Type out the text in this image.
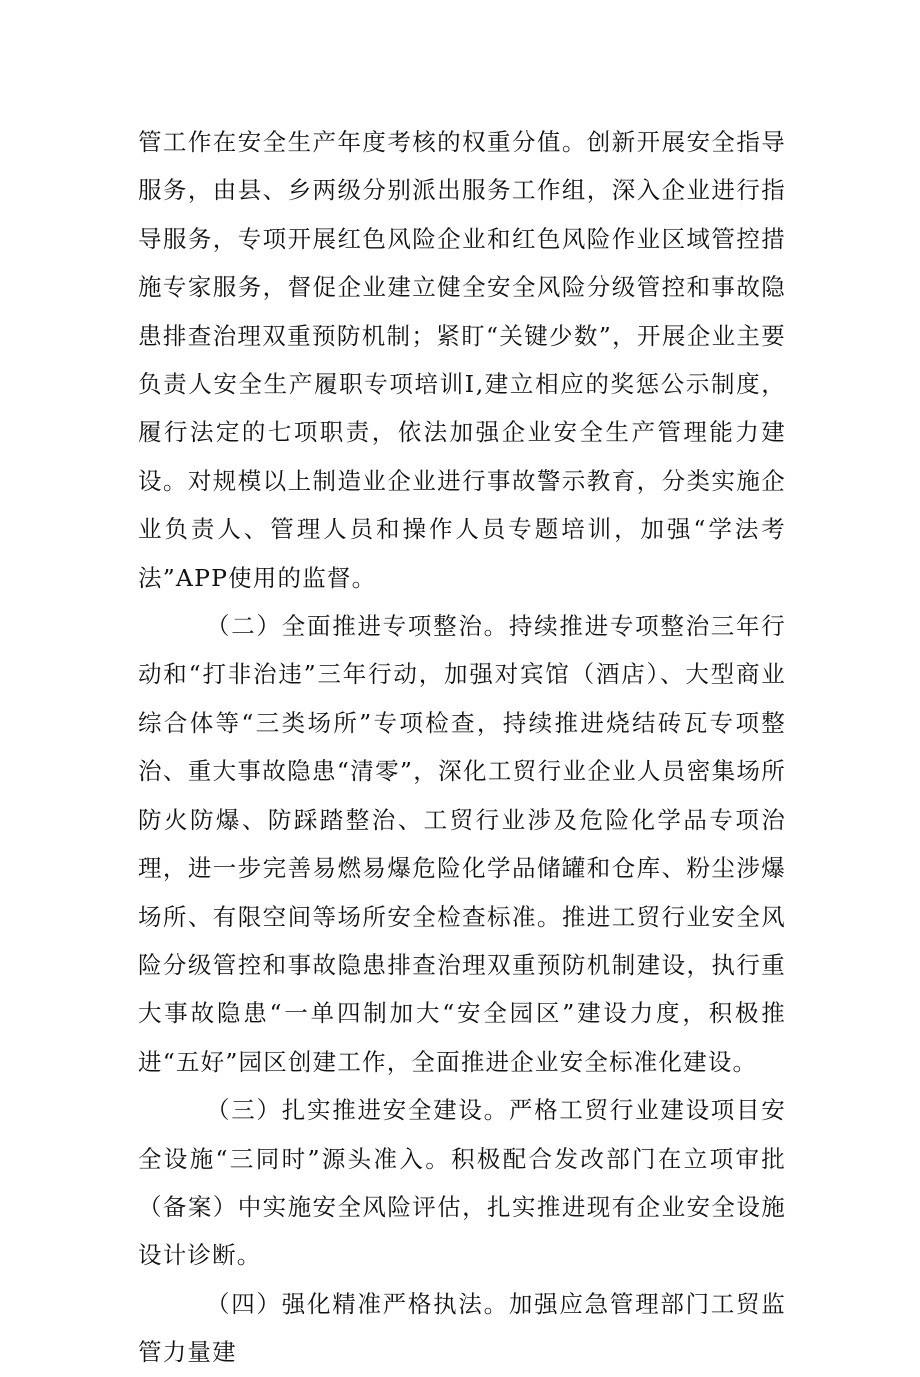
管工作在安全生产年度考核的权重分值。创新开展安全指导服务，由县、乡两级分别派出服务工作组，深入企业进行指导服务，专项开展红色风险企业和红色风险作业区域管控措施专家服务，督促企业建立健全安全风险分级管控和事故隐患排查治理双重预防机制；紧盯“关键少数”，开展企业主要负责人安全生产履职专项培训Ⅰ,建立相应的奖惩公示制度，履行法定的七项职责，依法加强企业安全生产管理能力建设。对规模以上制造业企业进行事故警示教育，分类实施企业负责人、管理人员和操作人员专题培训，加强“学法考法”APP使用的监督。

（二）全面推进专项整治。持续推进专项整治三年行动和“打非治违”三年行动，加强对宾馆（酒店）、大型商业综合体等“三类场所”专项检查，持续推进烧结砖瓦专项整治、重大事故隐患“清零”，深化工贸行业企业人员密集场所防火防爆、防踩踏整治、工贸行业涉及危险化学品专项治理，进一步完善易燃易爆危险化学品储罐和仓库、粉尘涉爆场所、有限空间等场所安全检查标准。推进工贸行业安全风险分级管控和事故隐患排查治理双重预防机制建设，执行重大事故隐患“一单四制加大“安全园区”建设力度，积极推进“五好”园区创建工作，全面推进企业安全标准化建设。

（三）扎实推进安全建设。严格工贸行业建设项目安全设施“三同时”源头准入。积极配合发改部门在立项审批（备案）中实施安全风险评估，扎实推进现有企业安全设施设计诊断。

（四）强化精准严格执法。加强应急管理部门工贸监管力量建
